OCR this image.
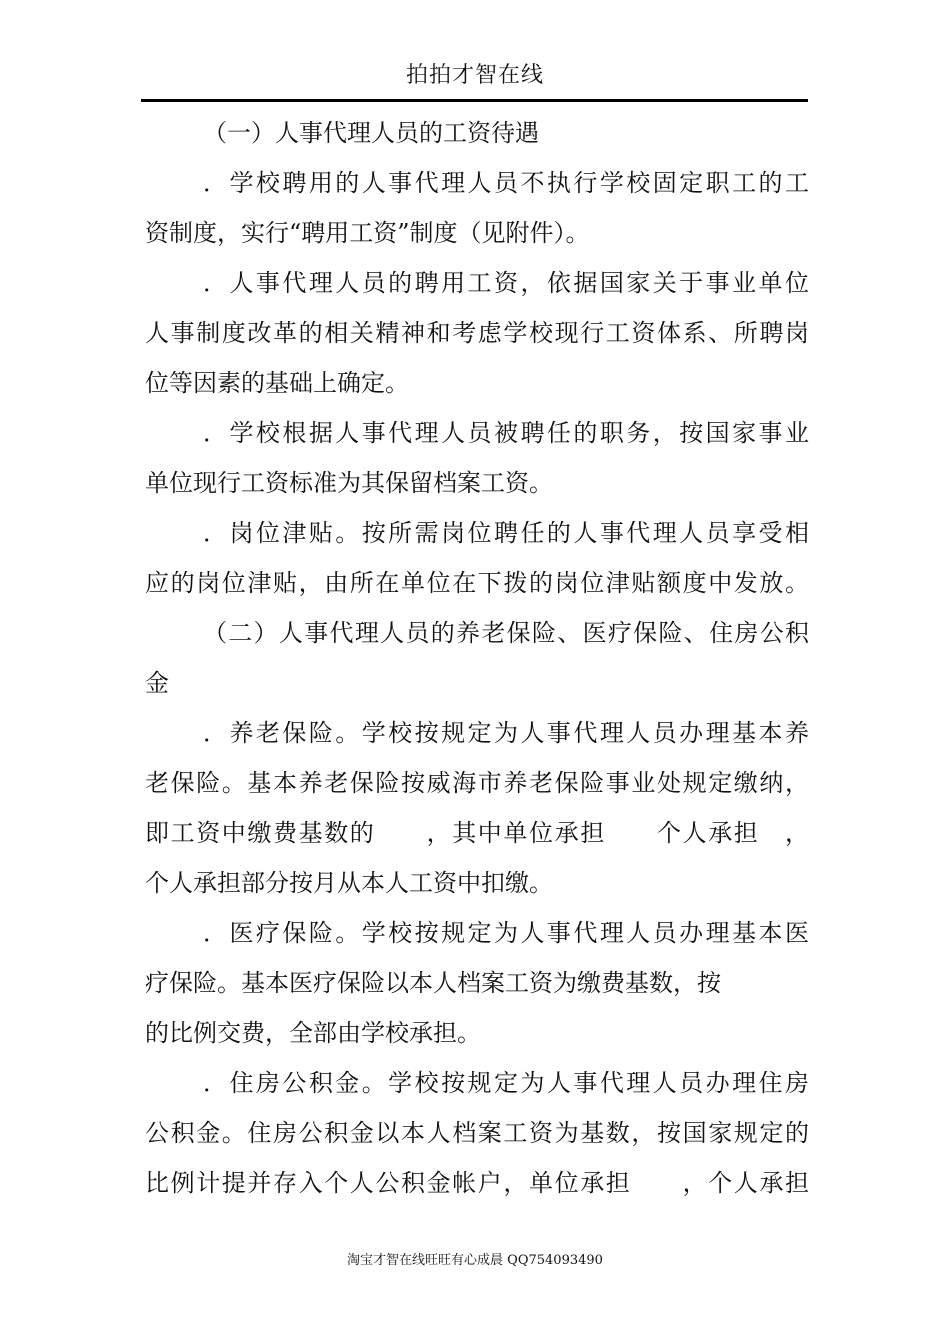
拍拍才智在线
（一）人事代理人员的工资待遇
．学校聘用的人事代理人员不执行学校固定职工的工
资制度，实行“聘用工资”制度（见附件）。
．人事代理人员的聘用工资，依据国家关于事业单位
人事制度改革的相关精神和考虑学校现行工资体系、所聘岗
位等因素的基础上确定。
．学校根据人事代理人员被聘任的职务，按国家事业
单位现行工资标准为其保留档案工资。
．岗位津贴。按所需岗位聘任的人事代理人员享受相
应的岗位津贴，由所在单位在下拨的岗位津贴额度中发放。
（二）人事代理人员的养老保险、医疗保险、住房公积
金
．养老保险。学校按规定为人事代理人员办理基本养
老保险。基本养老保险按威海市养老保险事业处规定缴纳，
即工资中缴费基数的　　，其中单位承担　　个人承担　，
个人承担部分按月从本人工资中扣缴。
．医疗保险。学校按规定为人事代理人员办理基本医
疗保险。基本医疗保险以本人档案工资为缴费基数，按
的比例交费，全部由学校承担。
．住房公积金。学校按规定为人事代理人员办理住房
公积金。住房公积金以本人档案工资为基数，按国家规定的
比例计提并存入个人公积金帐户，单位承担　　，个人承担
淘宝才智在线旺旺有心成晨 QQ754093490
